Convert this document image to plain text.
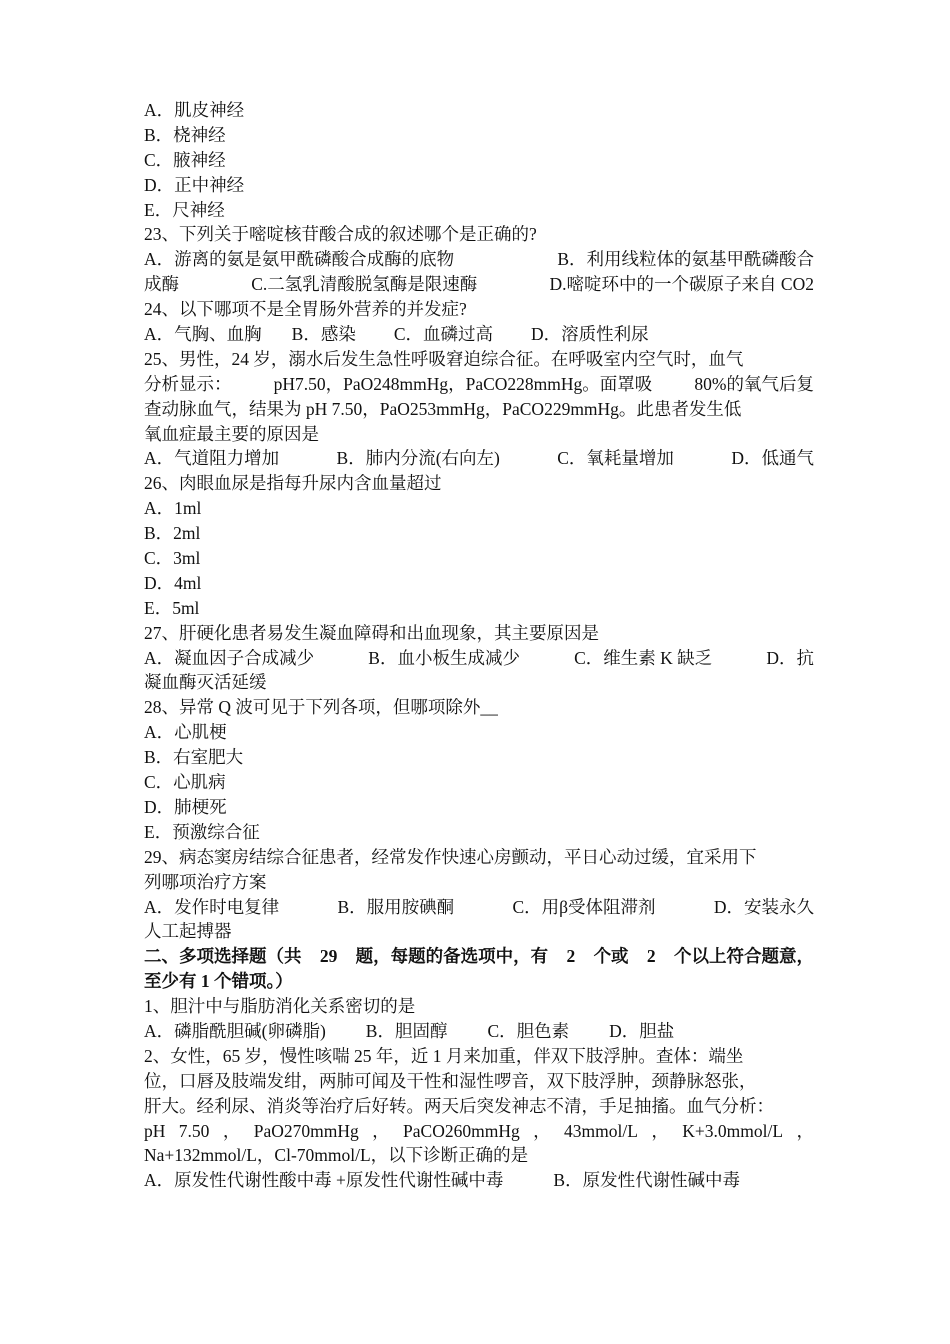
A．肌皮神经
B．桡神经
C．腋神经
D．正中神经
E．尺神经
23、下列关于嘧啶核苷酸合成的叙述哪个是正确的?
A．游离的氨是氨甲酰磷酸合成酶的底物	B．利用线粒体的氨基甲酰磷酸合
成酶	C.二氢乳清酸脱氢酶是限速酶	D.嘧啶环中的一个碳原子来自 CO2
24、以下哪项不是全胃肠外营养的并发症?
A．气胸、血胸 B．感染 C．血磷过高 D．溶质性利尿
25、男性，24 岁，溺水后发生急性呼吸窘迫综合征。在呼吸室内空气时，血气
分析显示： pH7.50，PaO248mmHg，PaCO228mmHg。面罩吸 80%的氧气后复
查动脉血气，结果为 pH 7.50，PaO253mmHg，PaCO229mmHg。此患者发生低
氧血症最主要的原因是
A．气道阻力增加	B．肺内分流(右向左)	C．氧耗量增加	D．低通气
26、肉眼血尿是指每升尿内含血量超过
A．1ml
B．2ml
C．3ml
D．4ml
E．5ml
27、肝硬化患者易发生凝血障碍和出血现象，其主要原因是
A．凝血因子合成减少	B．血小板生成减少	C．维生素 K 缺乏	D．抗
凝血酶灭活延缓
28、异常 Q 波可见于下列各项，但哪项除外__
A．心肌梗
B．右室肥大
C．心肌病
D．肺梗死
E．预激综合征
29、病态窦房结综合征患者，经常发作快速心房颤动，平日心动过缓，宜采用下
列哪项治疗方案
A．发作时电复律	B．服用胺碘酮	C．用β受体阻滞剂	D．安装永久
人工起搏器
二、多项选择题（共 29 题，每题的备选项中，有 2 个或 2 个以上符合题意，
至少有 1 个错项。）
1、胆汁中与脂肪消化关系密切的是
A．磷脂酰胆碱(卵磷脂) B．胆固醇 C．胆色素 D．胆盐
2、女性，65 岁，慢性咳喘 25 年，近 1 月来加重，伴双下肢浮肿。查体：端坐
位，口唇及肢端发绀，两肺可闻及干性和湿性啰音，双下肢浮肿，颈静脉怒张，
肝大。经利尿、消炎等治疗后好转。两天后突发神志不清，手足抽搐。血气分析：
pH 7.50 ， PaO270mmHg ， PaCO260mmHg ， 43mmol/L ， K+3.0mmol/L ，
Na+132mmol/L，Cl-70mmol/L，以下诊断正确的是
A．原发性代谢性酸中毒 +原发性代谢性碱中毒	B．原发性代谢性碱中毒
